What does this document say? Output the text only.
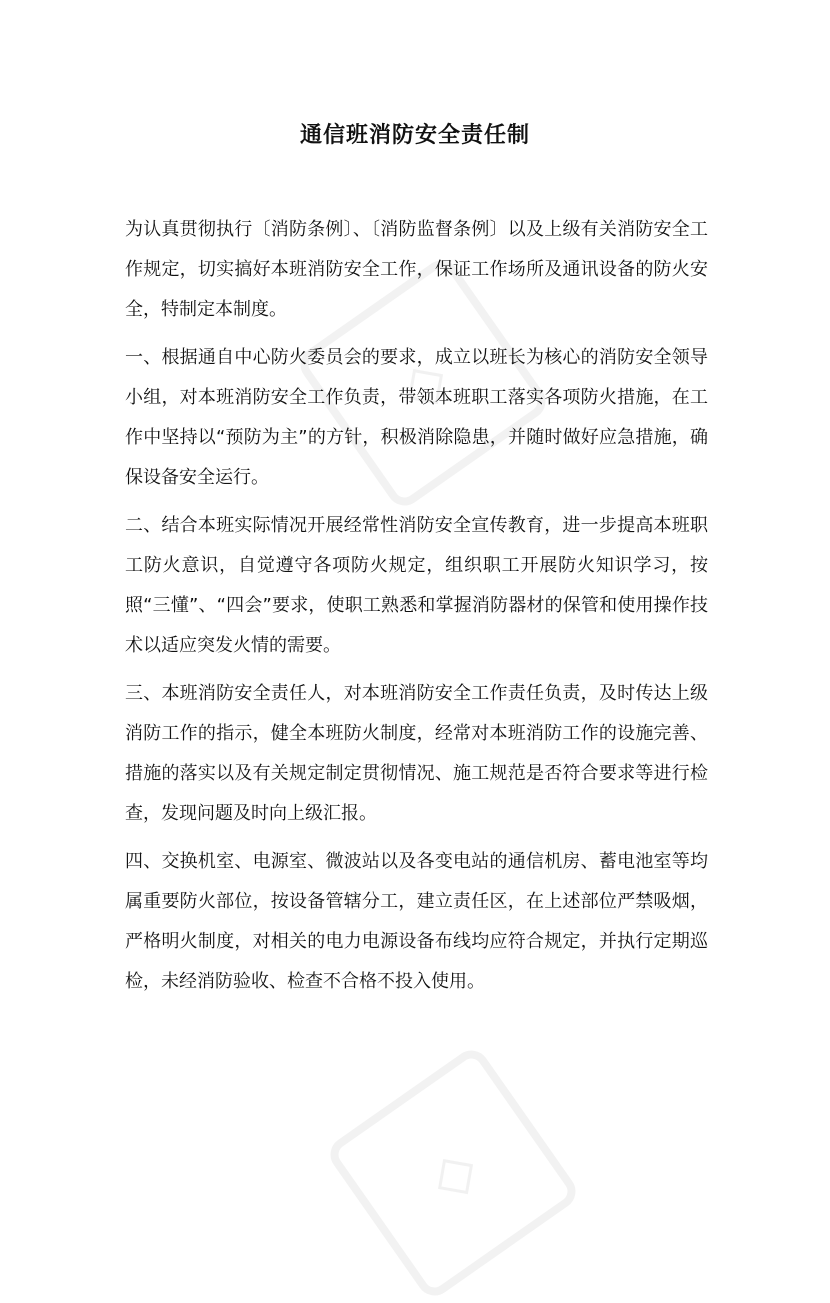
◇
◇
通信班消防安全责任制

为认真贯彻执行〔消防条例〕、〔消防监督条例〕以及上级有关消防安全工作规定，切实搞好本班消防安全工作，保证工作场所及通讯设备的防火安全，特制定本制度。

一、根据通自中心防火委员会的要求，成立以班长为核心的消防安全领导小组，对本班消防安全工作负责，带领本班职工落实各项防火措施，在工作中坚持以“预防为主”的方针，积极消除隐患，并随时做好应急措施，确保设备安全运行。

二、结合本班实际情况开展经常性消防安全宣传教育，进一步提高本班职工防火意识，自觉遵守各项防火规定，组织职工开展防火知识学习，按照“三懂”、“四会”要求，使职工熟悉和掌握消防器材的保管和使用操作技术以适应突发火情的需要。

三、本班消防安全责任人，对本班消防安全工作责任负责，及时传达上级消防工作的指示，健全本班防火制度，经常对本班消防工作的设施完善、措施的落实以及有关规定制定贯彻情况、施工规范是否符合要求等进行检查，发现问题及时向上级汇报。

四、交换机室、电源室、微波站以及各变电站的通信机房、蓄电池室等均属重要防火部位，按设备管辖分工，建立责任区，在上述部位严禁吸烟，严格明火制度，对相关的电力电源设备布线均应符合规定，并执行定期巡检，未经消防验收、检查不合格不投入使用。
